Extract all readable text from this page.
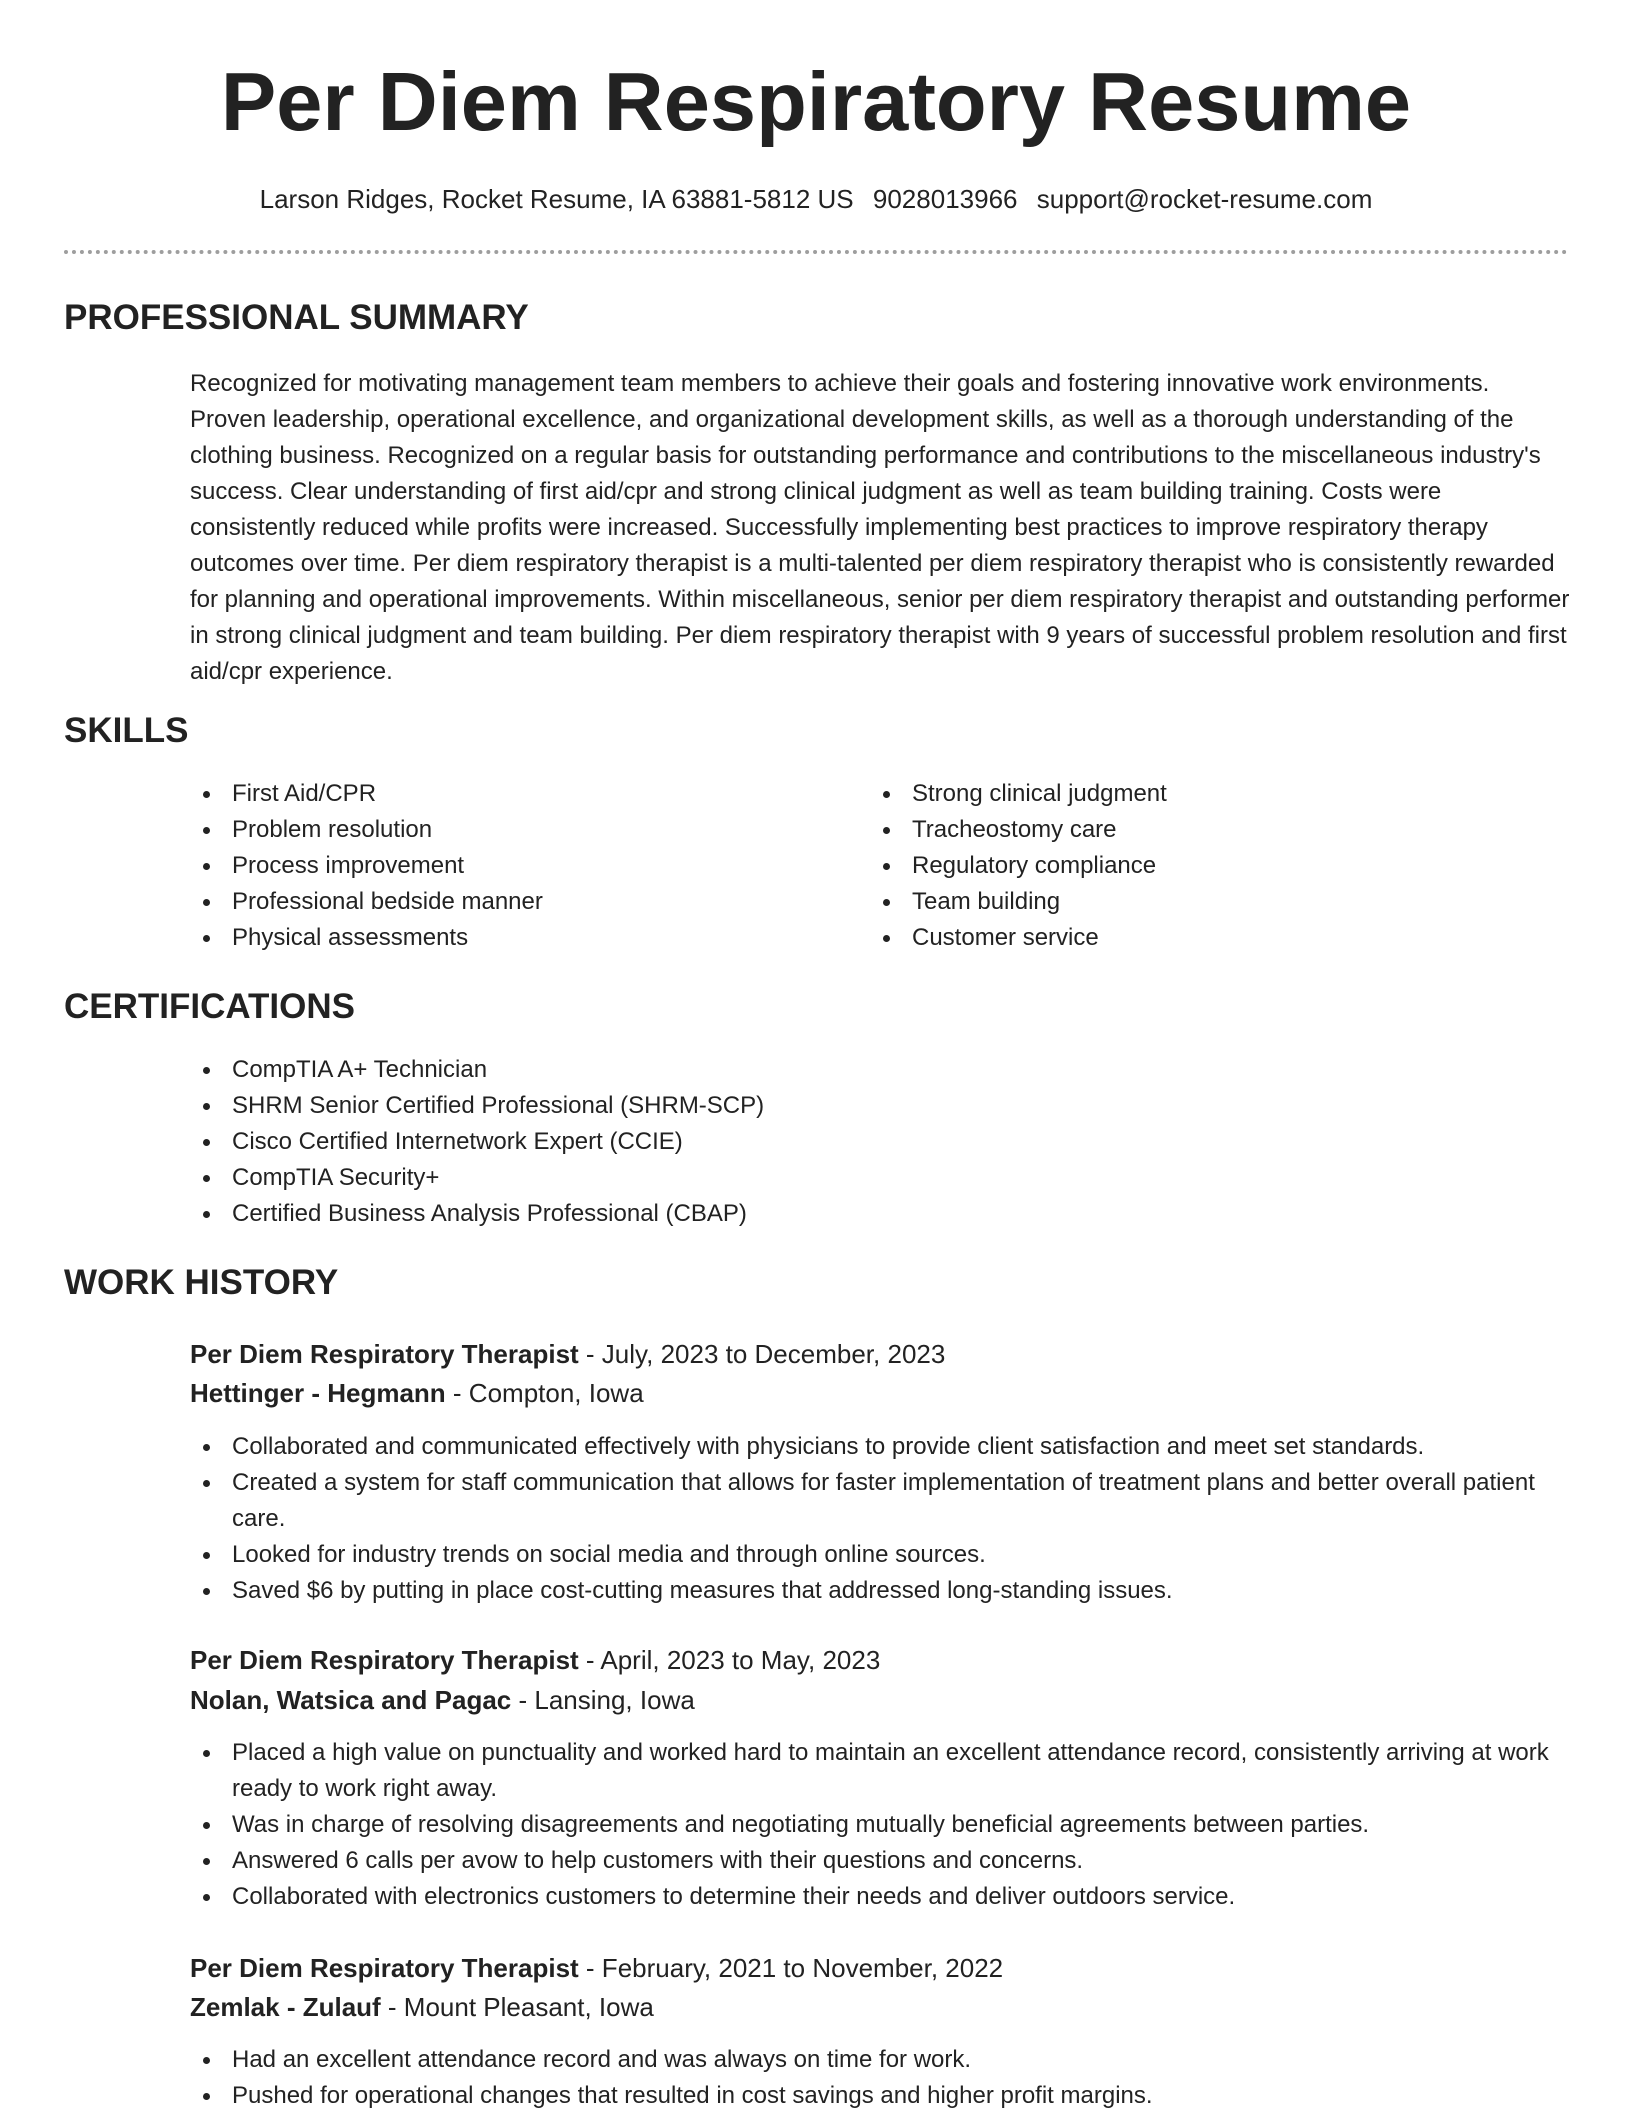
Per Diem Respiratory Resume
Larson Ridges, Rocket Resume, IA 63881-5812 US 9028013966 support@rocket-resume.com
PROFESSIONAL SUMMARY

Recognized for motivating management team members to achieve their goals and fostering innovative work environments. Proven leadership, operational excellence, and organizational development skills, as well as a thorough understanding of the clothing business. Recognized on a regular basis for outstanding performance and contributions to the miscellaneous industry's success. Clear understanding of first aid/cpr and strong clinical judgment as well as team building training. Costs were consistently reduced while profits were increased. Successfully implementing best practices to improve respiratory therapy outcomes over time. Per diem respiratory therapist is a multi-talented per diem respiratory therapist who is consistently rewarded for planning and operational improvements. Within miscellaneous, senior per diem respiratory therapist and outstanding performer in strong clinical judgment and team building. Per diem respiratory therapist with 9 years of successful problem resolution and first aid/cpr experience.

SKILLS
First Aid/CPR
Problem resolution
Process improvement
Professional bedside manner
Physical assessments
Strong clinical judgment
Tracheostomy care
Regulatory compliance
Team building
Customer service
CERTIFICATIONS
CompTIA A+ Technician
SHRM Senior Certified Professional (SHRM-SCP)
Cisco Certified Internetwork Expert (CCIE)
CompTIA Security+
Certified Business Analysis Professional (CBAP)
WORK HISTORY
Per Diem Respiratory Therapist - July, 2023 to December, 2023
Hettinger - Hegmann - Compton, Iowa
Collaborated and communicated effectively with physicians to provide client satisfaction and meet set standards.
Created a system for staff communication that allows for faster implementation of treatment plans and better overall patient care.
Looked for industry trends on social media and through online sources.
Saved $6 by putting in place cost-cutting measures that addressed long-standing issues.
Per Diem Respiratory Therapist - April, 2023 to May, 2023
Nolan, Watsica and Pagac - Lansing, Iowa
Placed a high value on punctuality and worked hard to maintain an excellent attendance record, consistently arriving at work ready to work right away.
Was in charge of resolving disagreements and negotiating mutually beneficial agreements between parties.
Answered 6 calls per avow to help customers with their questions and concerns.
Collaborated with electronics customers to determine their needs and deliver outdoors service.
Per Diem Respiratory Therapist - February, 2021 to November, 2022
Zemlak - Zulauf - Mount Pleasant, Iowa
Had an excellent attendance record and was always on time for work.
Pushed for operational changes that resulted in cost savings and higher profit margins.
